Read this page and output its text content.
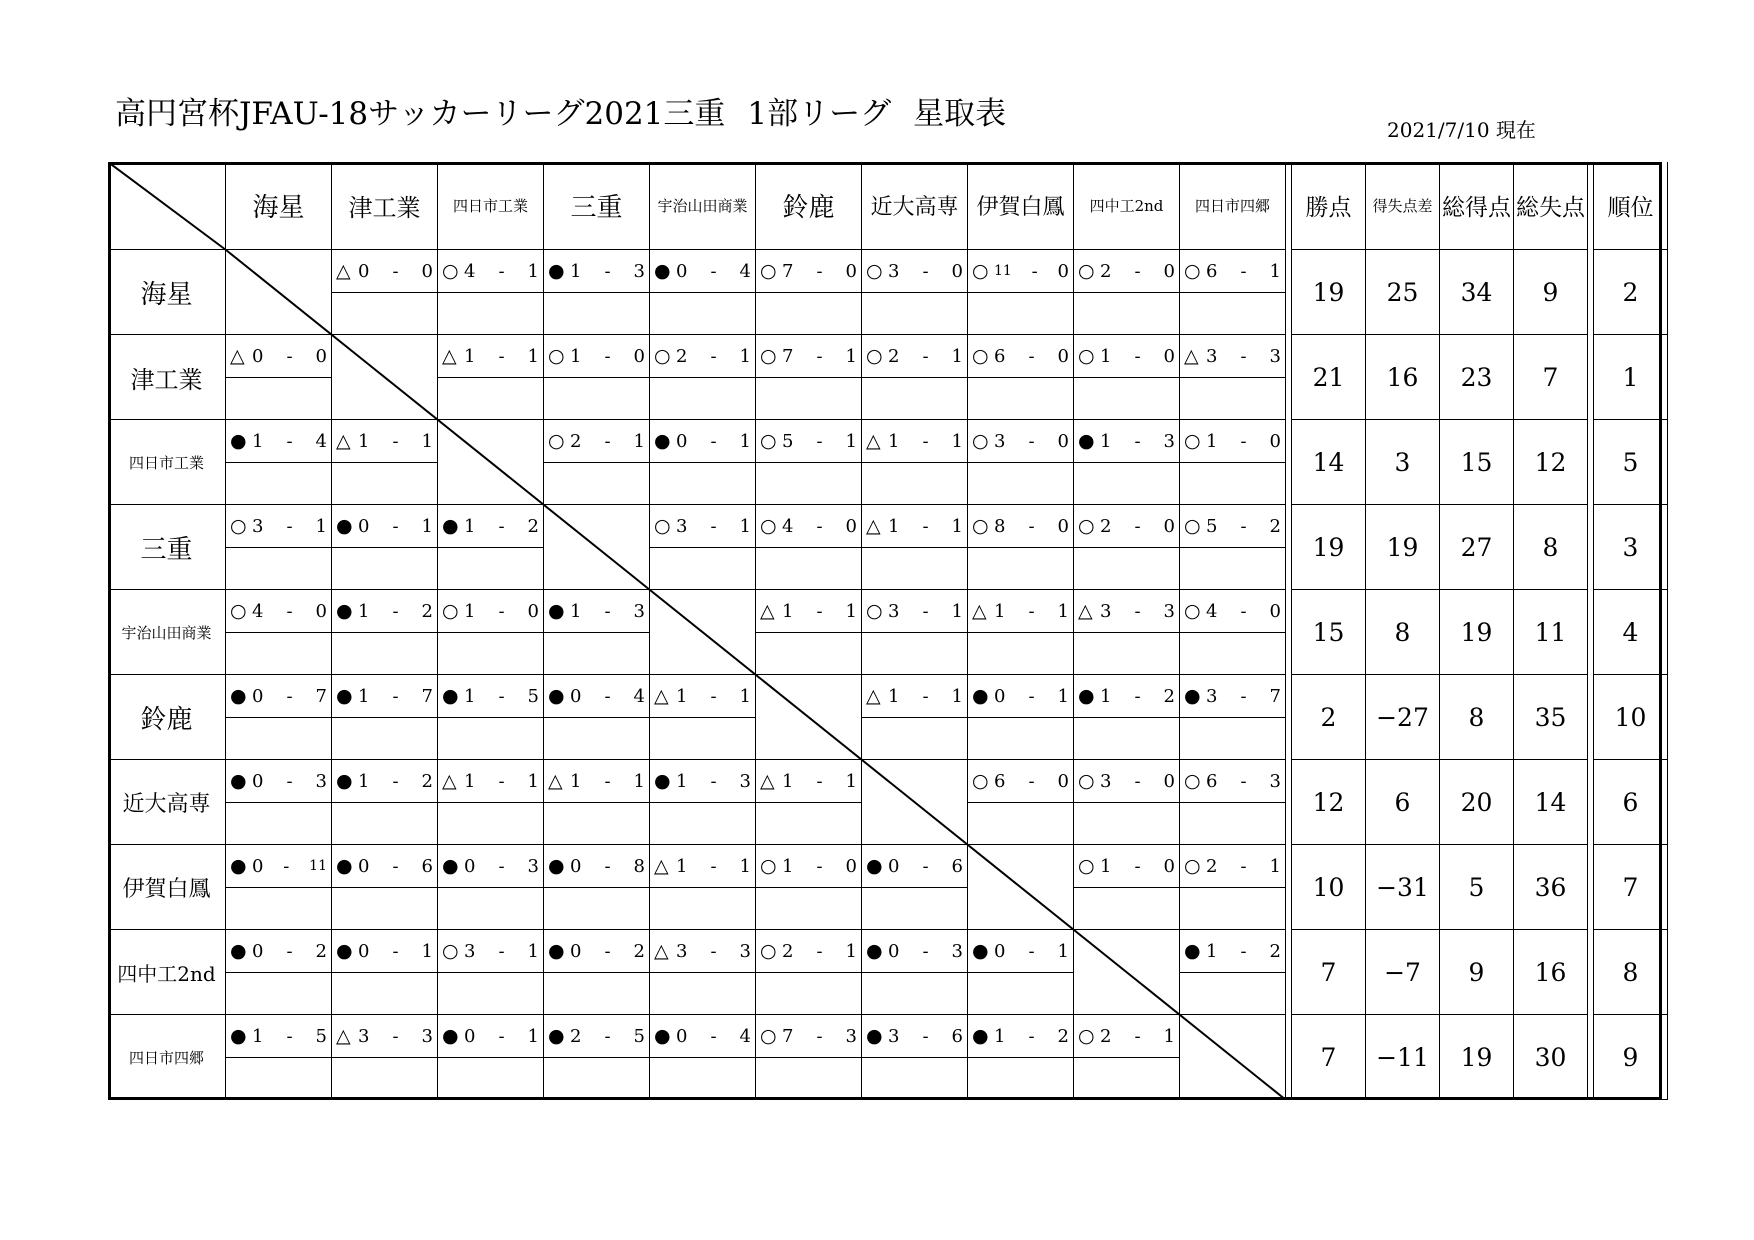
高円宮杯JFAU-18サッカーリーグ2021三重 1部リーグ 星取表	2021/7/10 現在
海星	津工業	四日市工業	三重	宇治山田商業	鈴鹿	近大高専 伊賀白鳳	四中工2nd	四日市四郷	勝点	得失点差 総得点 総失点 順位
海星
△ 0	-	0 ○ 4	-	1 ● 1	-	3 ● 0	-	4 ○ 7	-	0 ○ 3	-	0 ○ 11	-	0 ○ 2	-	0 ○ 6	-	1
19	25	34	9	2
津工業
△ 0	-	0	△ 1	-	1 ○ 1	-	0 ○ 2	-	1 ○ 7	-	1 ○ 2	-	1 ○ 6	-	0 ○ 1	-	0 △ 3	-	3
21	16	23	7	1
四日市工業
● 1	-	4 △ 1	-	1	○ 2	-	1 ● 0	-	1 ○ 5	-	1 △ 1	-	1 ○ 3	-	0 ● 1	-	3 ○ 1	-	0
14	3	15	12	5
三重
○ 3	-	1 ● 0	-	1 ● 1	-	2	○ 3	-	1 ○ 4	-	0 △ 1	-	1 ○ 8	-	0 ○ 2	-	0 ○ 5	-	2
19	19	27	8	3
宇治山田商業
○ 4	-	0 ● 1	-	2 ○ 1	-	0 ● 1	-	3	△ 1	-	1 ○ 3	-	1 △ 1	-	1 △ 3	-	3 ○ 4	-	0
15	8	19	11	4
鈴鹿
● 0	-	7 ● 1	-	7 ● 1	-	5 ● 0	-	4 △ 1	-	1	△ 1	-	1 ● 0	-	1 ● 1	-	2 ● 3	-	7
2	−27	8	35	10
近大高専
● 0	-	3 ● 1	-	2 △ 1	-	1 △ 1	-	1 ● 1	-	3 △ 1	-	1	○ 6	-	0 ○ 3	-	0 ○ 6	-	3
12	6	20	14	6
伊賀白鳳
● 0	-	11 ● 0	-	6 ● 0	-	3 ● 0	-	8 △ 1	-	1 ○ 1	-	0 ● 0	-	6	○ 1	-	0 ○ 2	-	1
10	−31	5	36	7
四中工2nd
● 0	-	2 ● 0	-	1 ○ 3	-	1 ● 0	-	2 △ 3	-	3 ○ 2	-	1 ● 0	-	3 ● 0	-	1	● 1	-	2
7	−7	9	16	8
四日市四郷
● 1	-	5 △ 3	-	3 ● 0	-	1 ● 2	-	5 ● 0	-	4 ○ 7	-	3 ● 3	-	6 ● 1	-	2 ○ 2	-	1
7	−11	19	30	9
